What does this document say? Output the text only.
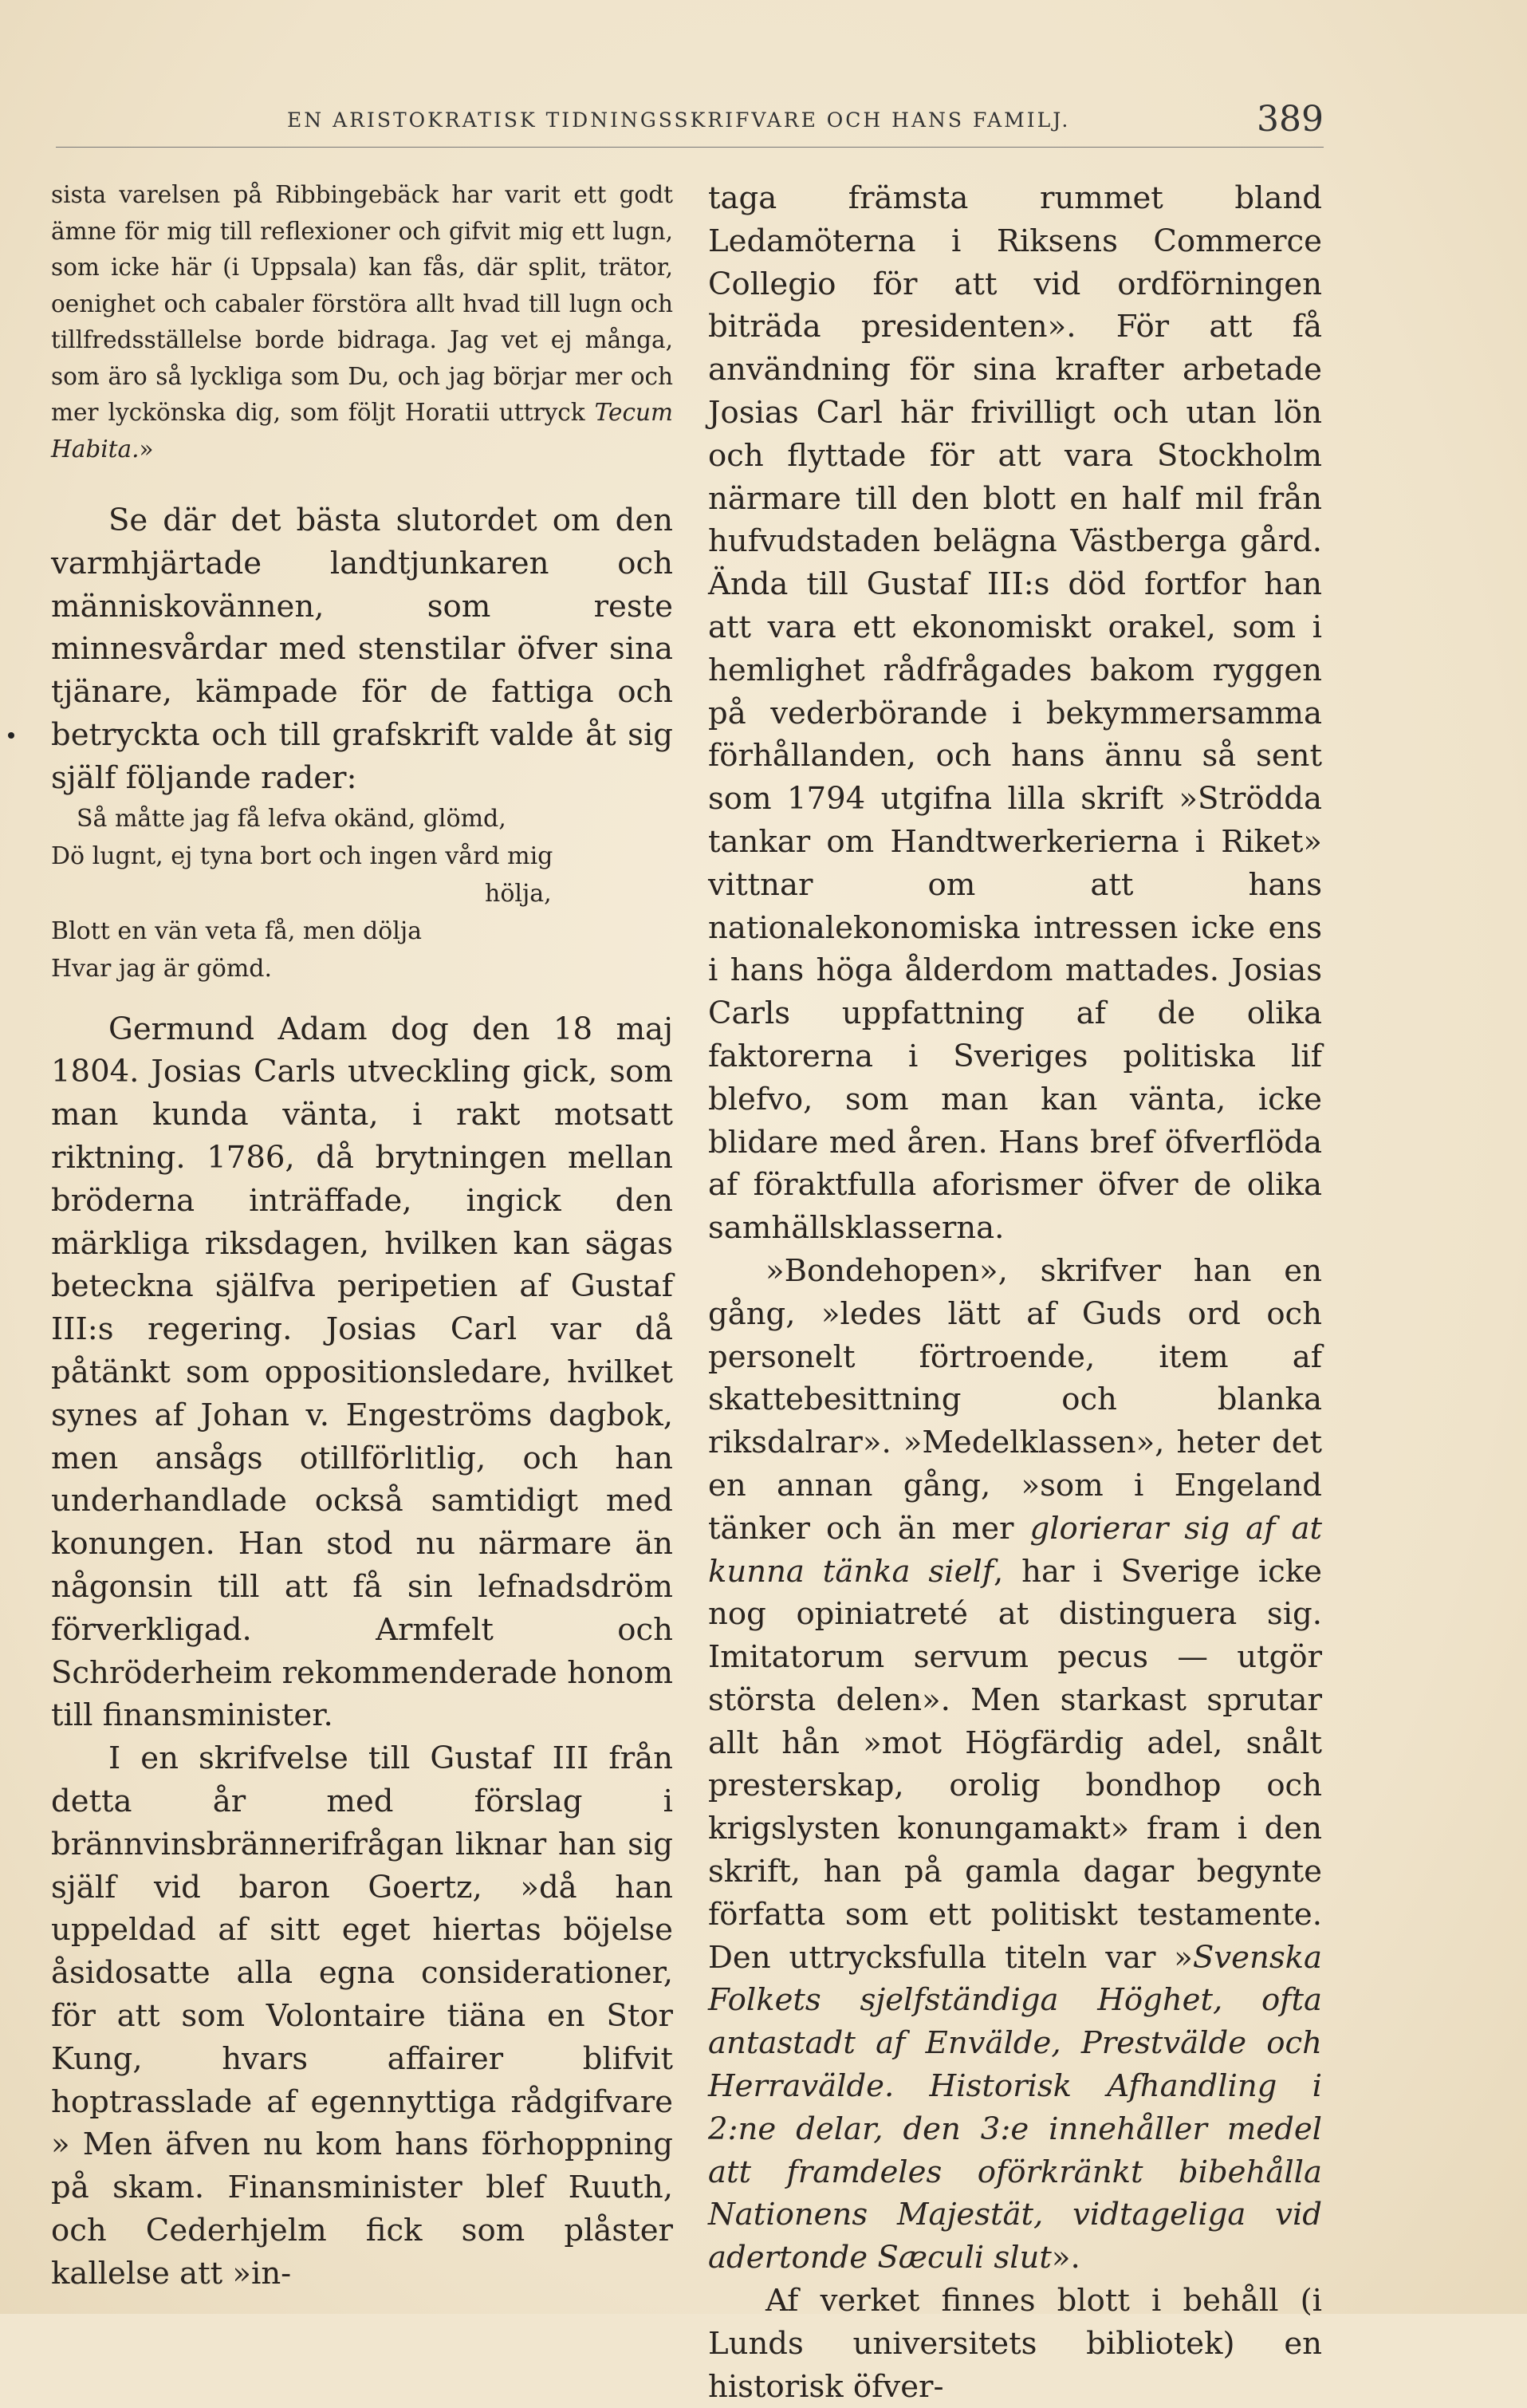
EN ARISTOKRATISK TIDNINGSSKRIFVARE OCH HANS FAMILJ.	389

sista varelsen på Ribbingebäck har varit ett godt ämne för mig till reflexioner och gifvit mig ett lugn, som icke här (i Uppsala) kan fås, där split, trätor, oenighet och cabaler förstöra allt hvad till lugn och tillfredsställelse borde bidraga. Jag vet ej många, som äro så lyckliga som Du, och jag börjar mer och mer lyckönska dig, som följt Horatii uttryck Tecum Habita.»

Se där det bästa slutordet om den varmhjärtade landtjunkaren och människovännen, som reste minnesvårdar med stenstilar öfver sina tjänare, kämpade för de fattiga och betryckta och till grafskrift valde åt sig själf följande rader:

Så måtte jag få lefva okänd, glömd,
Dö lugnt, ej tyna bort och ingen vård mig
hölja,
Blott en vän veta få, men dölja
Hvar jag är gömd.

Germund Adam dog den 18 maj 1804. Josias Carls utveckling gick, som man kunda vänta, i rakt motsatt riktning. 1786, då brytningen mellan bröderna inträffade, ingick den märkliga riksdagen, hvilken kan sägas beteckna själfva peripetien af Gustaf III:s regering. Josias Carl var då påtänkt som oppositionsledare, hvilket synes af Johan v. Engeströms dagbok, men ansågs otillförlitlig, och han underhandlade också samtidigt med konungen. Han stod nu närmare än någonsin till att få sin lefnadsdröm förverkligad. Armfelt och Schröderheim rekommenderade honom till finansminister.

I en skrifvelse till Gustaf III från detta år med förslag i brännvinsbrännerifrågan liknar han sig själf vid baron Goertz, »då han uppeldad af sitt eget hiertas böjelse åsidosatte alla egna considerationer, för att som Volontaire tiäna en Stor Kung, hvars affairer blifvit hoptrasslade af egennyttiga rådgifvare » Men äfven nu kom hans förhoppning på skam. Finansminister blef Ruuth, och Cederhjelm fick som plåster kallelse att »in-

taga främsta rummet bland Ledamöterna i Riksens Commerce Collegio för att vid ordförningen biträda presidenten». För att få användning för sina krafter arbetade Josias Carl här frivilligt och utan lön och flyttade för att vara Stockholm närmare till den blott en half mil från hufvudstaden belägna Västberga gård. Ända till Gustaf III:s död fortfor han att vara ett ekonomiskt orakel, som i hemlighet rådfrågades bakom ryggen på vederbörande i bekymmersamma förhållanden, och hans ännu så sent som 1794 utgifna lilla skrift »Strödda tankar om Handtwerkerierna i Riket» vittnar om att hans nationalekonomiska intressen icke ens i hans höga ålderdom mattades. Josias Carls uppfattning af de olika faktorerna i Sveriges politiska lif blefvo, som man kan vänta, icke blidare med åren. Hans bref öfverflöda af föraktfulla aforismer öfver de olika samhällsklasserna.

»Bondehopen», skrifver han en gång, »ledes lätt af Guds ord och personelt förtroende, item af skattebesittning och blanka riksdalrar». »Medelklassen», heter det en annan gång, »som i Engeland tänker och än mer glorierar sig af at kunna tänka sielf, har i Sverige icke nog opiniatreté at distinguera sig. Imitatorum servum pecus — utgör största delen». Men starkast sprutar allt hån »mot Högfärdig adel, snålt presterskap, orolig bondhop och krigslysten konungamakt» fram i den skrift, han på gamla dagar begynte författa som ett politiskt testamente. Den uttrycksfulla titeln var »Svenska Folkets sjelfständiga Höghet, ofta antastadt af Envälde, Prestvälde och Herravälde. Historisk Afhandling i 2:ne delar, den 3:e innehåller medel att framdeles oförkränkt bibehålla Nationens Majestät, vidtageliga vid adertonde Sæculi slut».

Af verket finnes blott i behåll (i Lunds universitets bibliotek) en historisk öfver-
